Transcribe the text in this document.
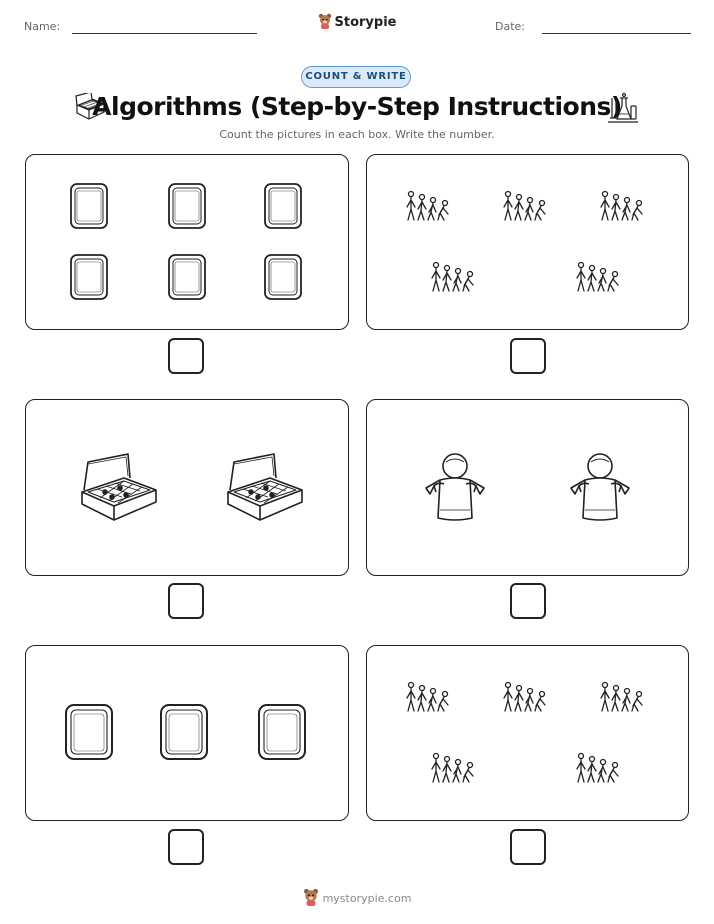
Name:	Storypie	Date:
COUNT & WRITE
Algorithms (Step-by-Step Instructions)
Count the pictures in each box. Write the number.
mystorypie.com
